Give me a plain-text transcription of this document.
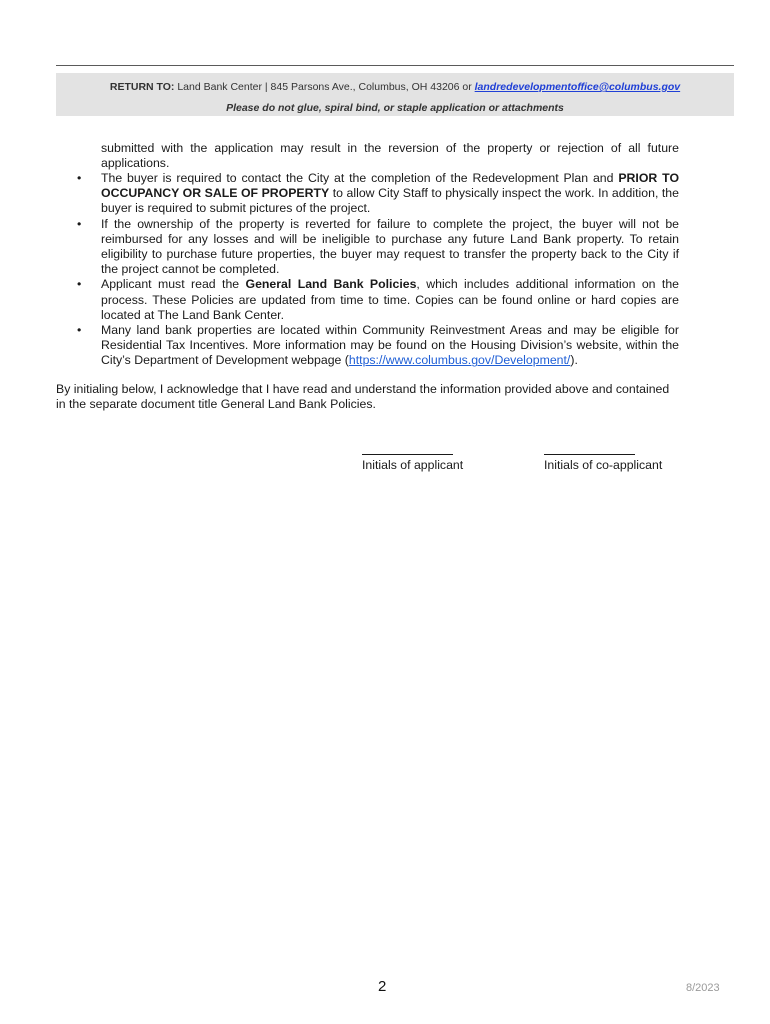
RETURN TO: Land Bank Center | 845 Parsons Ave., Columbus, OH 43206 or landredevelopmentoffice@columbus.gov
Please do not glue, spiral bind, or staple application or attachments
submitted with the application may result in the reversion of the property or rejection of all future applications.
• The buyer is required to contact the City at the completion of the Redevelopment Plan and PRIOR TO OCCUPANCY OR SALE OF PROPERTY to allow City Staff to physically inspect the work. In addition, the buyer is required to submit pictures of the project.
• If the ownership of the property is reverted for failure to complete the project, the buyer will not be reimbursed for any losses and will be ineligible to purchase any future Land Bank property. To retain eligibility to purchase future properties, the buyer may request to transfer the property back to the City if the project cannot be completed.
• Applicant must read the General Land Bank Policies, which includes additional information on the process. These Policies are updated from time to time. Copies can be found online or hard copies are located at The Land Bank Center.
• Many land bank properties are located within Community Reinvestment Areas and may be eligible for Residential Tax Incentives. More information may be found on the Housing Division’s website, within the City’s Department of Development webpage (https://www.columbus.gov/Development/).
By initialing below, I acknowledge that I have read and understand the information provided above and contained in the separate document title General Land Bank Policies.
Initials of applicant	Initials of co-applicant
2	8/2023
